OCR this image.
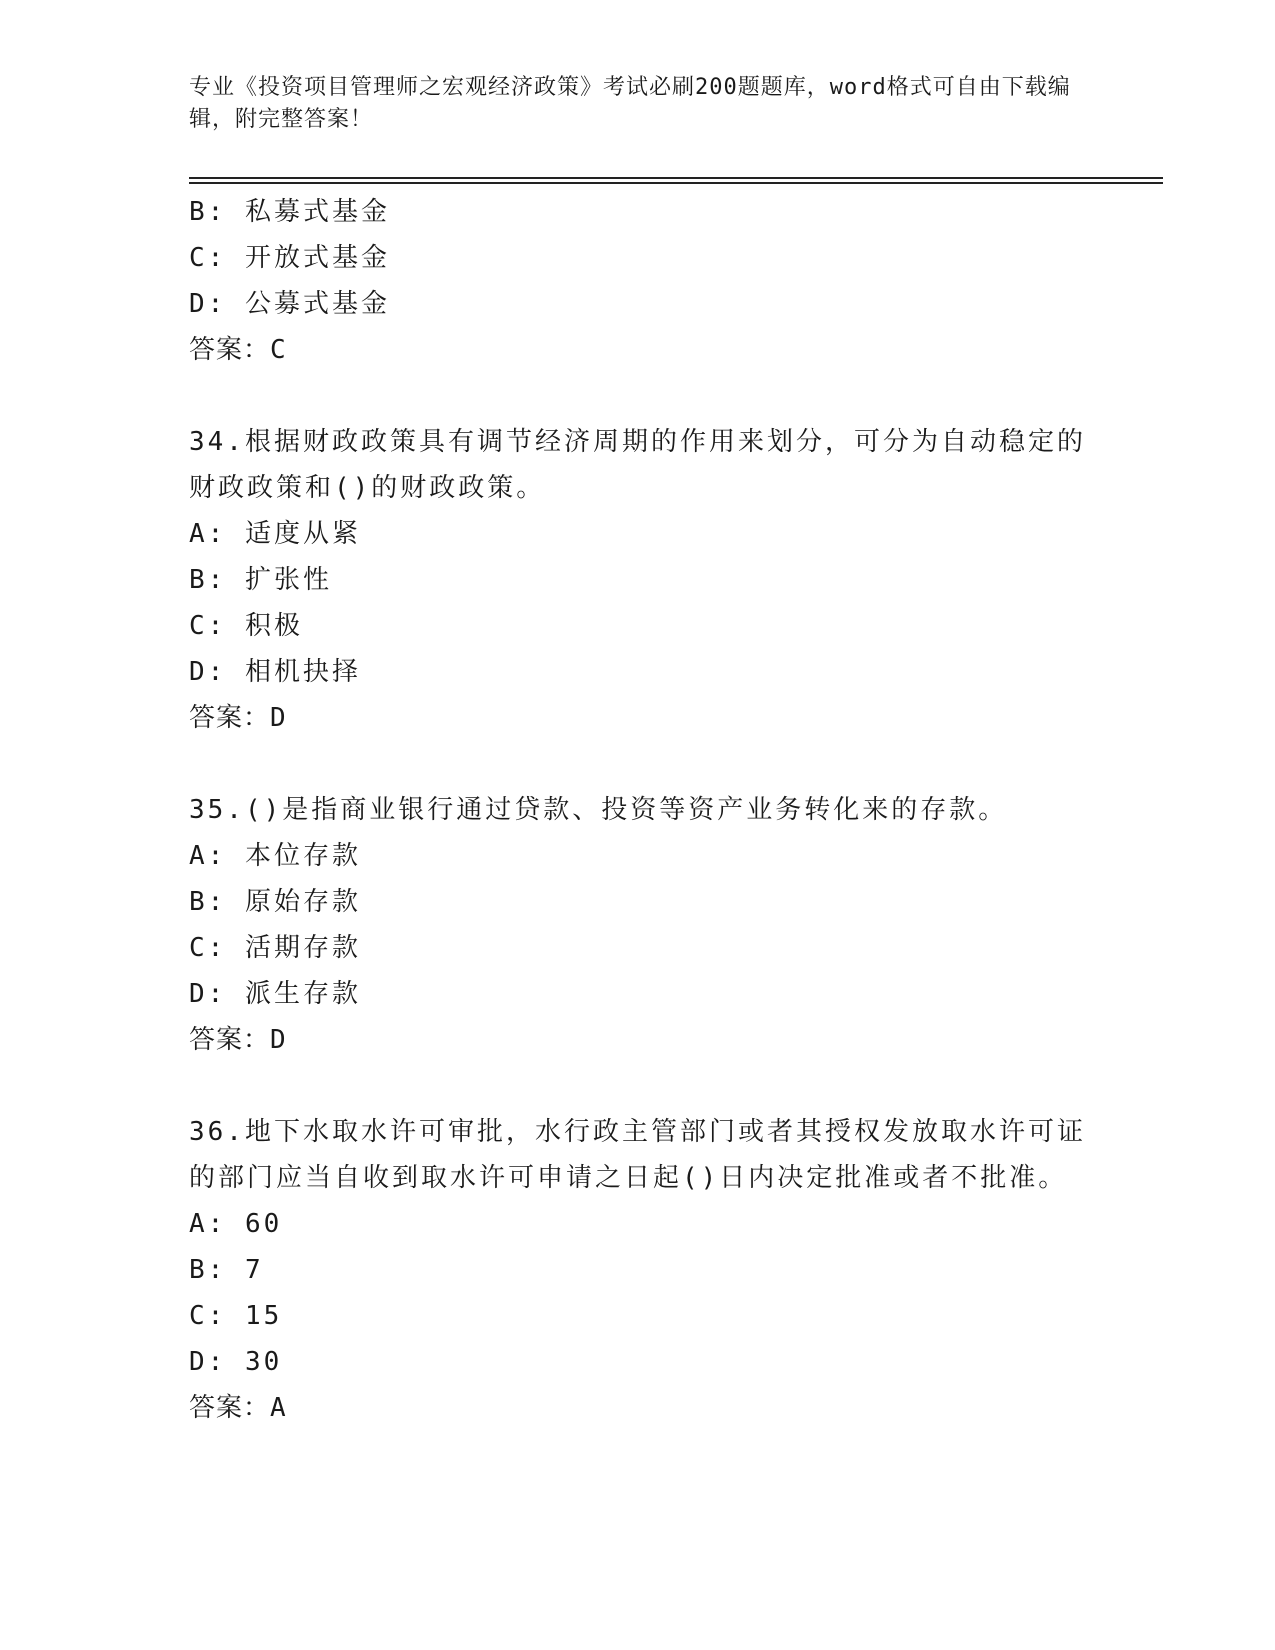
专业《投资项目管理师之宏观经济政策》考试必刷200题题库，word格式可自由下载编辑，附完整答案！
B: 私募式基金
C: 开放式基金
D: 公募式基金
答案：C
34.根据财政政策具有调节经济周期的作用来划分，可分为自动稳定的财政政策和()的财政政策。
A: 适度从紧
B: 扩张性
C: 积极
D: 相机抉择
答案：D
35.()是指商业银行通过贷款、投资等资产业务转化来的存款。
A: 本位存款
B: 原始存款
C: 活期存款
D: 派生存款
答案：D
36.地下水取水许可审批，水行政主管部门或者其授权发放取水许可证的部门应当自收到取水许可申请之日起()日内决定批准或者不批准。
A: 60
B: 7
C: 15
D: 30
答案：A
